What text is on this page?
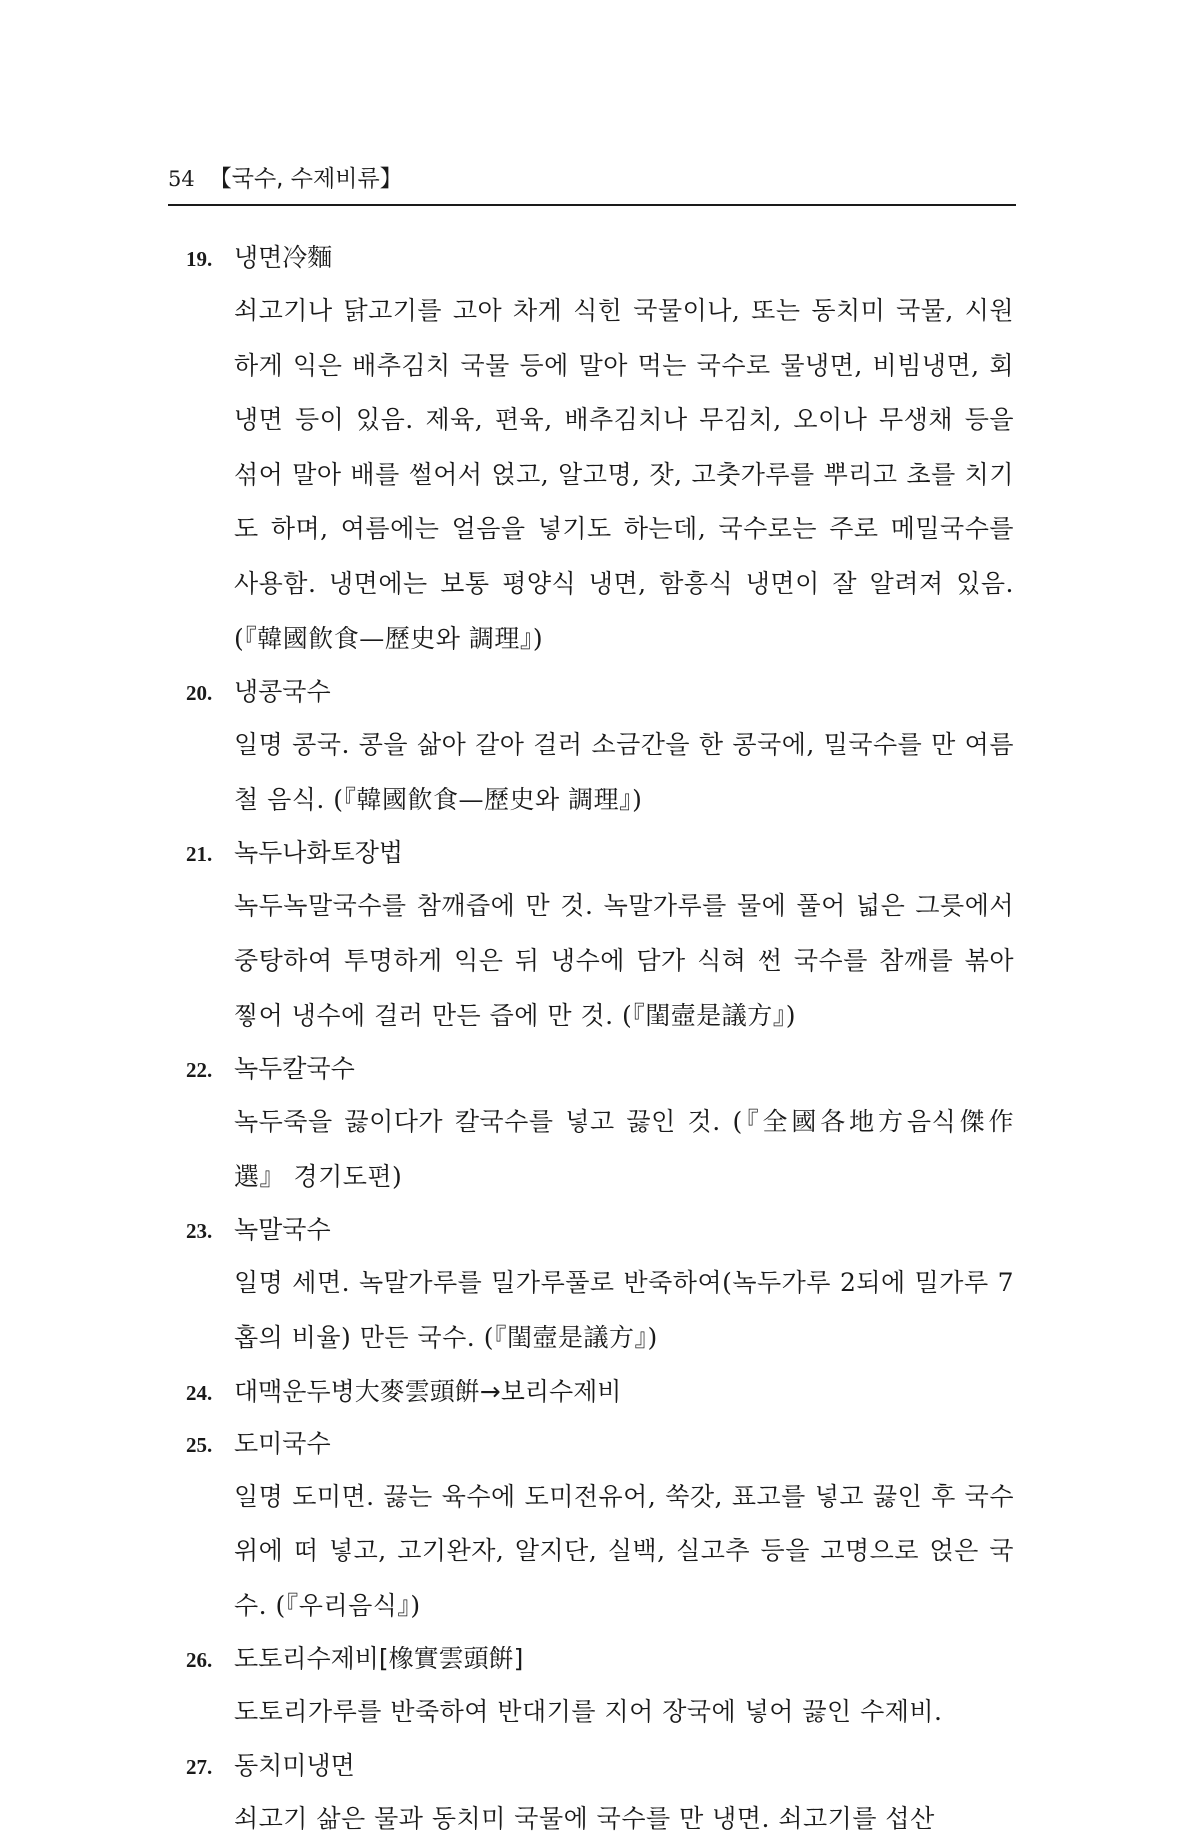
54 【국수, 수제비류】
19. 냉면冷麵
쇠고기나 닭고기를 고아 차게 식힌 국물이나, 또는 동치미 국물, 시원하게 익은 배추김치 국물 등에 말아 먹는 국수로 물냉면, 비빔냉면, 회냉면 등이 있음. 제육, 편육, 배추김치나 무김치, 오이나 무생채 등을 섞어 말아 배를 썰어서 얹고, 알고명, 잣, 고춧가루를 뿌리고 초를 치기도 하며, 여름에는 얼음을 넣기도 하는데, 국수로는 주로 메밀국수를 사용함. 냉면에는 보통 평양식 냉면, 함흥식 냉면이 잘 알려져 있음. (『韓國飮食—歷史와 調理』)
20. 냉콩국수
일명 콩국. 콩을 삶아 갈아 걸러 소금간을 한 콩국에, 밀국수를 만 여름철 음식. (『韓國飮食—歷史와 調理』)
21. 녹두나화토장법
녹두녹말국수를 참깨즙에 만 것. 녹말가루를 물에 풀어 넓은 그릇에서 중탕하여 투명하게 익은 뒤 냉수에 담가 식혀 썬 국수를 참깨를 볶아 찧어 냉수에 걸러 만든 즙에 만 것. (『閨壼是議方』)
22. 녹두칼국수
녹두죽을 끓이다가 칼국수를 넣고 끓인 것. (『全國各地方음식傑作選』 경기도편)
23. 녹말국수
일명 세면. 녹말가루를 밀가루풀로 반죽하여(녹두가루 2되에 밀가루 7홉의 비율) 만든 국수. (『閨壼是議方』)
24. 대맥운두병大麥雲頭餠→보리수제비
25. 도미국수
일명 도미면. 끓는 육수에 도미전유어, 쑥갓, 표고를 넣고 끓인 후 국수 위에 떠 넣고, 고기완자, 알지단, 실백, 실고추 등을 고명으로 얹은 국수. (『우리음식』)
26. 도토리수제비[橡實雲頭餠]
도토리가루를 반죽하여 반대기를 지어 장국에 넣어 끓인 수제비.
27. 동치미냉면
쇠고기 삶은 물과 동치미 국물에 국수를 만 냉면. 쇠고기를 섭산
